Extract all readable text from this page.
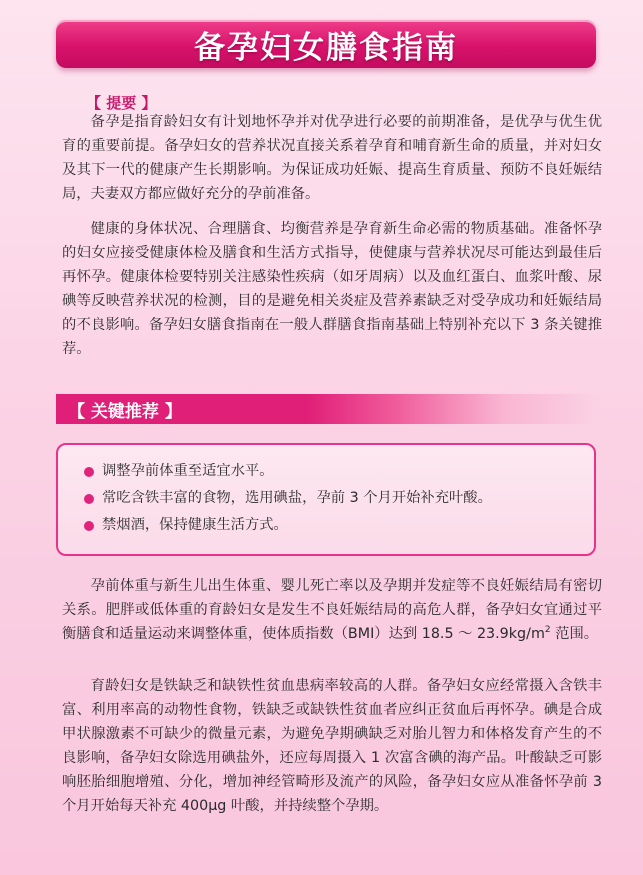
备孕妇女膳食指南
【 提要 】

备孕是指育龄妇女有计划地怀孕并对优孕进行必要的前期准备，是优孕与优生优育的重要前提。备孕妇女的营养状况直接关系着孕育和哺育新生命的质量，并对妇女及其下一代的健康产生长期影响。为保证成功妊娠、提高生育质量、预防不良妊娠结局，夫妻双方都应做好充分的孕前准备。

健康的身体状况、合理膳食、均衡营养是孕育新生命必需的物质基础。准备怀孕的妇女应接受健康体检及膳食和生活方式指导，使健康与营养状况尽可能达到最佳后再怀孕。健康体检要特别关注感染性疾病（如牙周病）以及血红蛋白、血浆叶酸、尿碘等反映营养状况的检测，目的是避免相关炎症及营养素缺乏对受孕成功和妊娠结局的不良影响。备孕妇女膳食指南在一般人群膳食指南基础上特别补充以下 3 条关键推荐。

【 关键推荐 】
调整孕前体重至适宜水平。
常吃含铁丰富的食物，选用碘盐，孕前 3 个月开始补充叶酸。
禁烟酒，保持健康生活方式。

孕前体重与新生儿出生体重、婴儿死亡率以及孕期并发症等不良妊娠结局有密切关系。肥胖或低体重的育龄妇女是发生不良妊娠结局的高危人群，备孕妇女宜通过平衡膳食和适量运动来调整体重，使体质指数（BMI）达到 18.5 ～ $23.9kg/m^2$ 范围。

育龄妇女是铁缺乏和缺铁性贫血患病率较高的人群。备孕妇女应经常摄入含铁丰富、利用率高的动物性食物，铁缺乏或缺铁性贫血者应纠正贫血后再怀孕。碘是合成甲状腺激素不可缺少的微量元素，为避免孕期碘缺乏对胎儿智力和体格发育产生的不良影响，备孕妇女除选用碘盐外，还应每周摄入 1 次富含碘的海产品。叶酸缺乏可影响胚胎细胞增殖、分化，增加神经管畸形及流产的风险，备孕妇女应从准备怀孕前 3 个月开始每天补充 400μg 叶酸，并持续整个孕期。
